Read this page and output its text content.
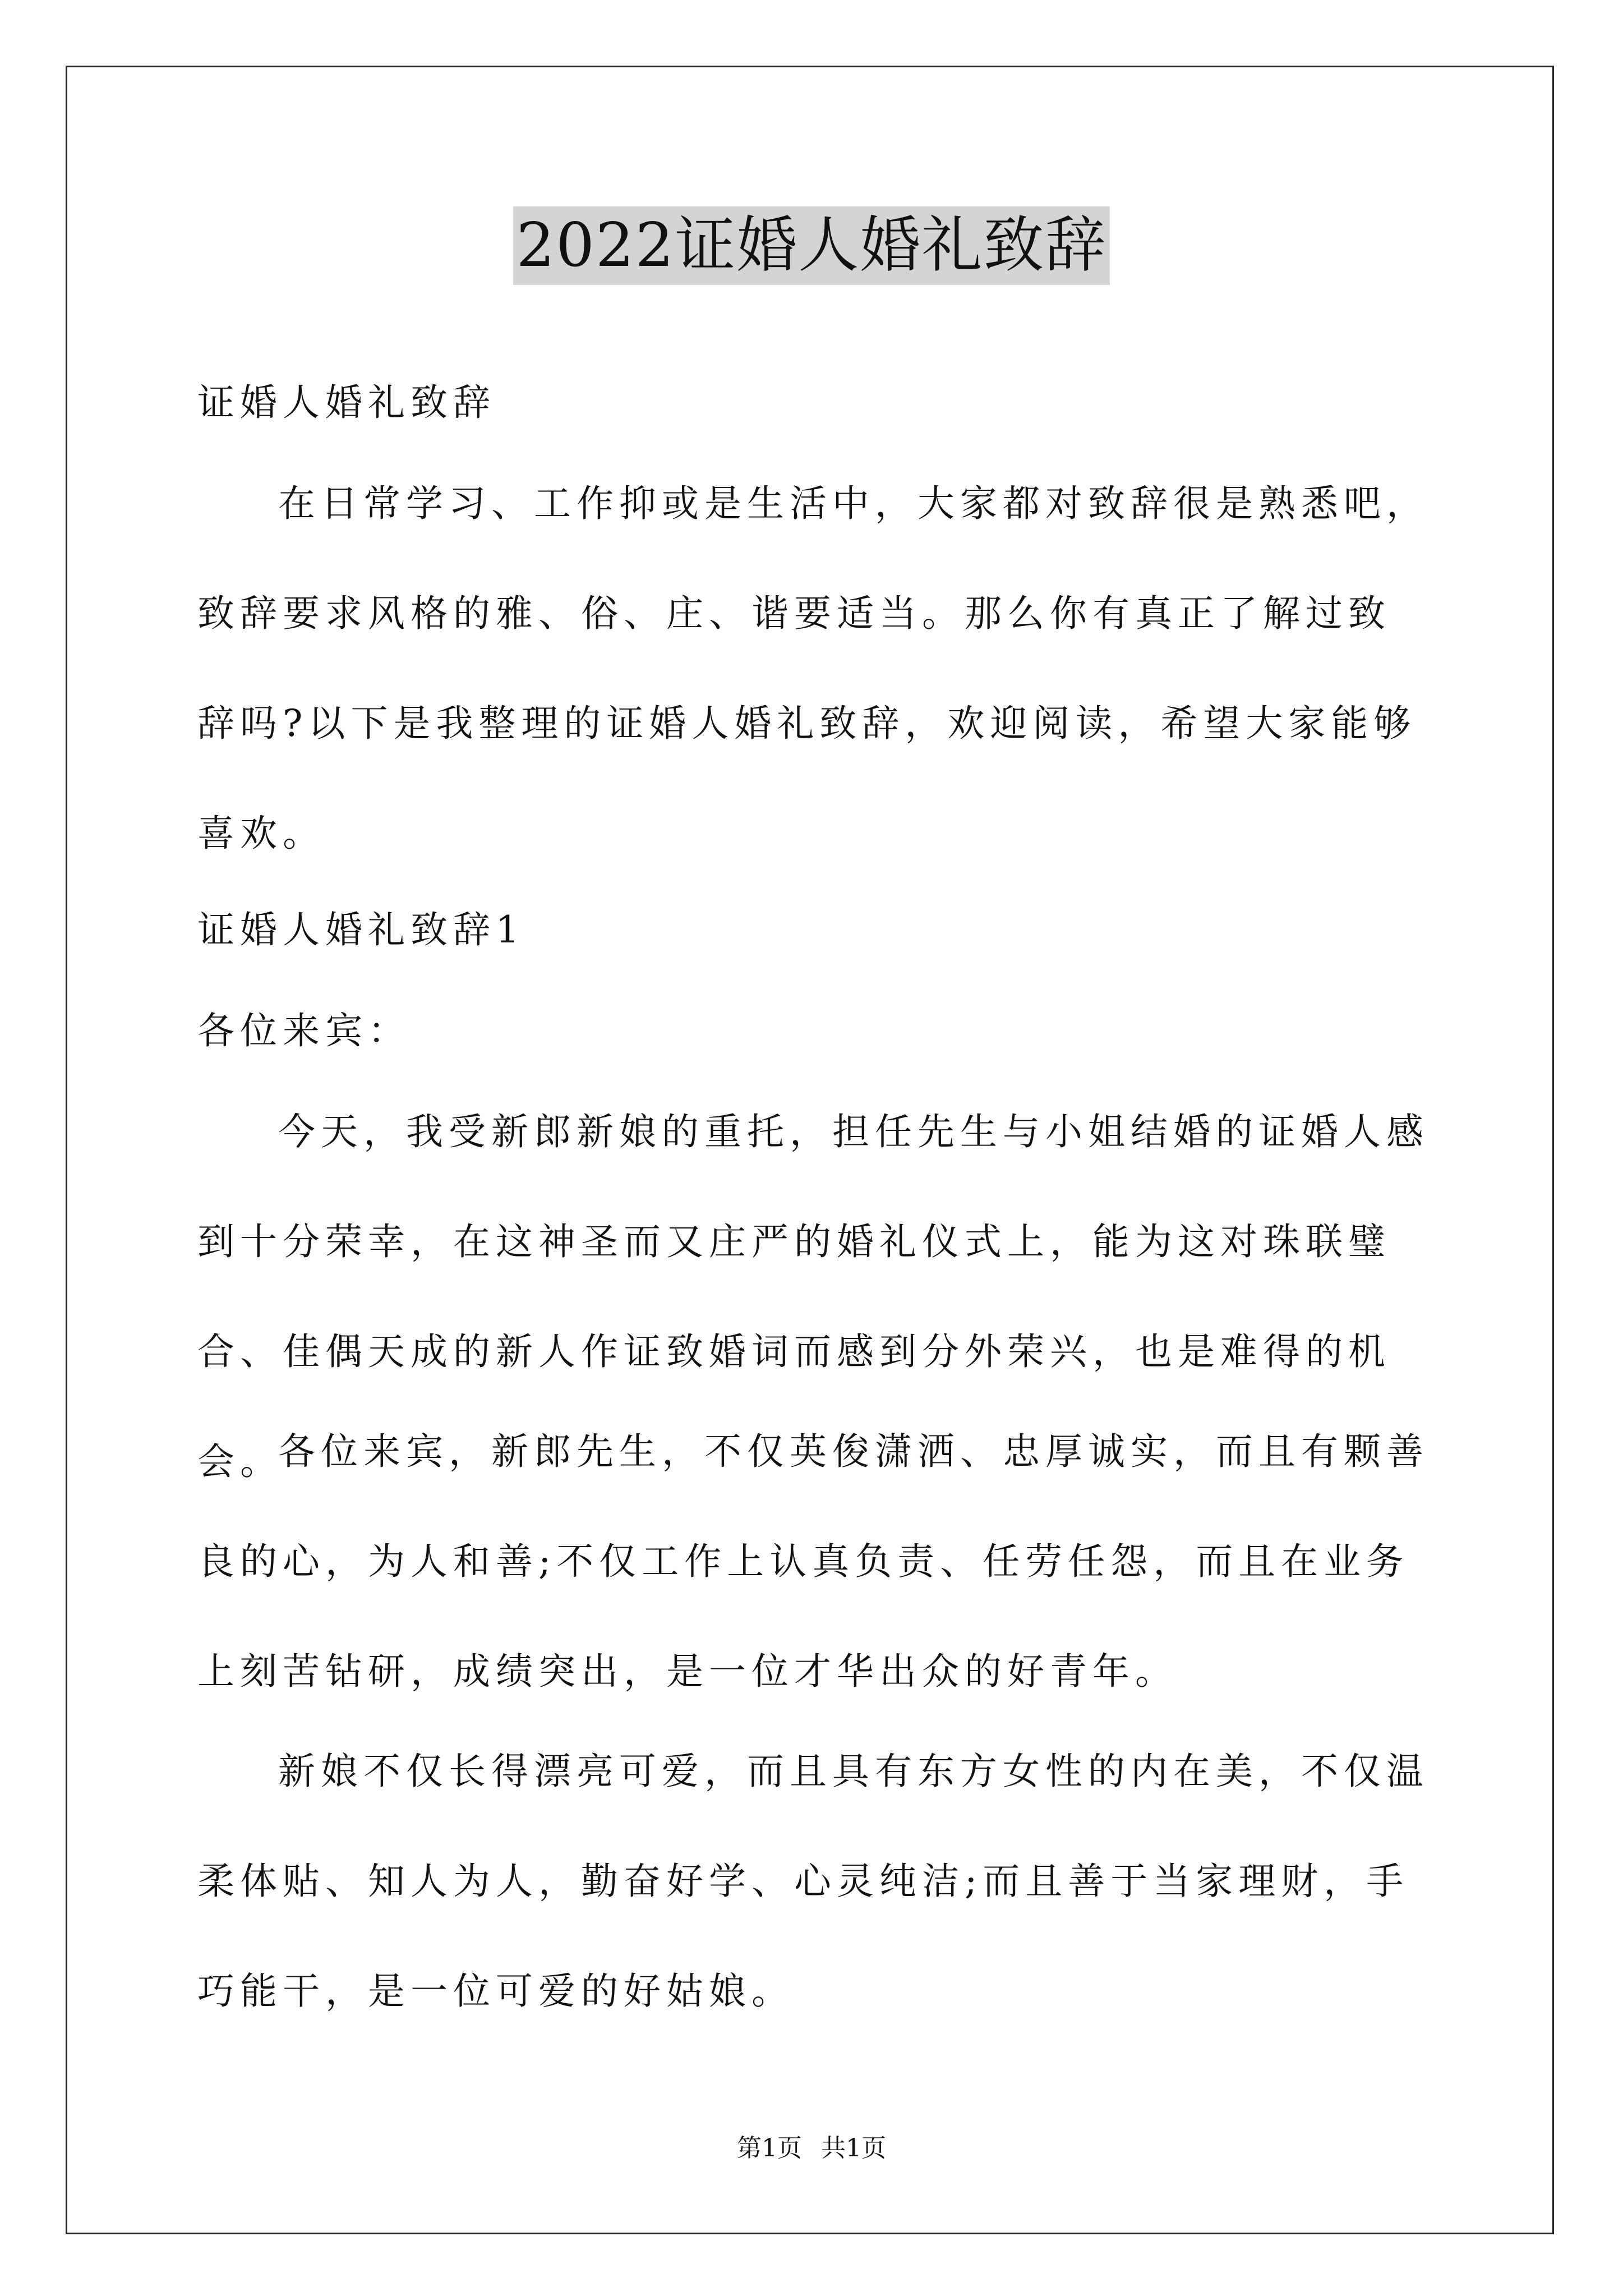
2022证婚人婚礼致辞

证婚人婚礼致辞

在日常学习、工作抑或是生活中，大家都对致辞很是熟悉吧，致辞要求风格的雅、俗、庄、谐要适当。那么你有真正了解过致辞吗?以下是我整理的证婚人婚礼致辞，欢迎阅读，希望大家能够喜欢。

证婚人婚礼致辞1

各位来宾：

今天，我受新郎新娘的重托，担任先生与小姐结婚的证婚人感到十分荣幸，在这神圣而又庄严的婚礼仪式上，能为这对珠联璧合、佳偶天成的新人作证致婚词而感到分外荣兴，也是难得的机会。

各位来宾，新郎先生，不仅英俊潇洒、忠厚诚实，而且有颗善良的心，为人和善;不仅工作上认真负责、任劳任怨，而且在业务上刻苦钻研，成绩突出，是一位才华出众的好青年。

新娘不仅长得漂亮可爱，而且具有东方女性的内在美，不仅温柔体贴、知人为人，勤奋好学、心灵纯洁;而且善于当家理财，手巧能干，是一位可爱的好姑娘。

第1页 共1页
